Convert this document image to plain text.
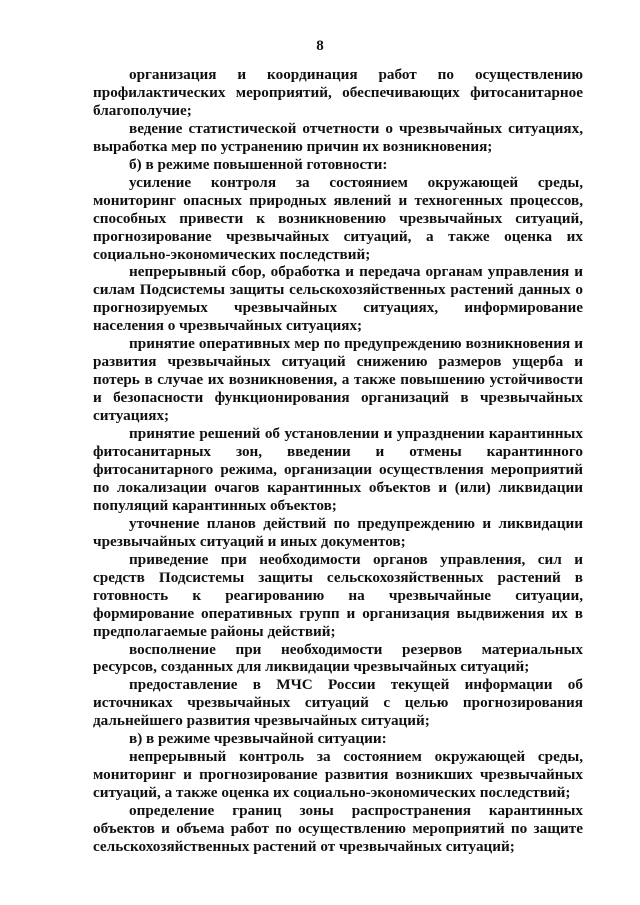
8

организация и координация работ по осуществлению профилактических мероприятий, обеспечивающих фитосанитарное благополучие;

ведение статистической отчетности о чрезвычайных ситуациях, выработка мер по устранению причин их возникновения;

б) в режиме повышенной готовности:

усиление контроля за состоянием окружающей среды, мониторинг опасных природных явлений и техногенных процессов, способных привести к возникновению чрезвычайных ситуаций, прогнозирование чрезвычайных ситуаций, а также оценка их социально-экономических последствий;

непрерывный сбор, обработка и передача органам управления и силам Подсистемы защиты сельскохозяйственных растений данных о прогнозируемых чрезвычайных ситуациях, информирование населения о чрезвычайных ситуациях;

принятие оперативных мер по предупреждению возникновения и развития чрезвычайных ситуаций снижению размеров ущерба и потерь в случае их возникновения, а также повышению устойчивости и безопасности функционирования организаций в чрезвычайных ситуациях;

принятие решений об установлении и упразднении карантинных фитосанитарных зон, введении и отмены карантинного фитосанитарного режима, организации осуществления мероприятий по локализации очагов карантинных объектов и (или) ликвидации популяций карантинных объектов;

уточнение планов действий по предупреждению и ликвидации чрезвычайных ситуаций и иных документов;

приведение при необходимости органов управления, сил и средств Подсистемы защиты сельскохозяйственных растений в готовность к реагированию на чрезвычайные ситуации, формирование оперативных групп и организация выдвижения их в предполагаемые районы действий;

восполнение при необходимости резервов материальных ресурсов, созданных для ликвидации чрезвычайных ситуаций;

предоставление в МЧС России текущей информации об источниках чрезвычайных ситуаций с целью прогнозирования дальнейшего развития чрезвычайных ситуаций;

в) в режиме чрезвычайной ситуации:

непрерывный контроль за состоянием окружающей среды, мониторинг и прогнозирование развития возникших чрезвычайных ситуаций, а также оценка их социально-экономических последствий;

определение границ зоны распространения карантинных объектов и объема работ по осуществлению мероприятий по защите сельскохозяйственных растений от чрезвычайных ситуаций;
